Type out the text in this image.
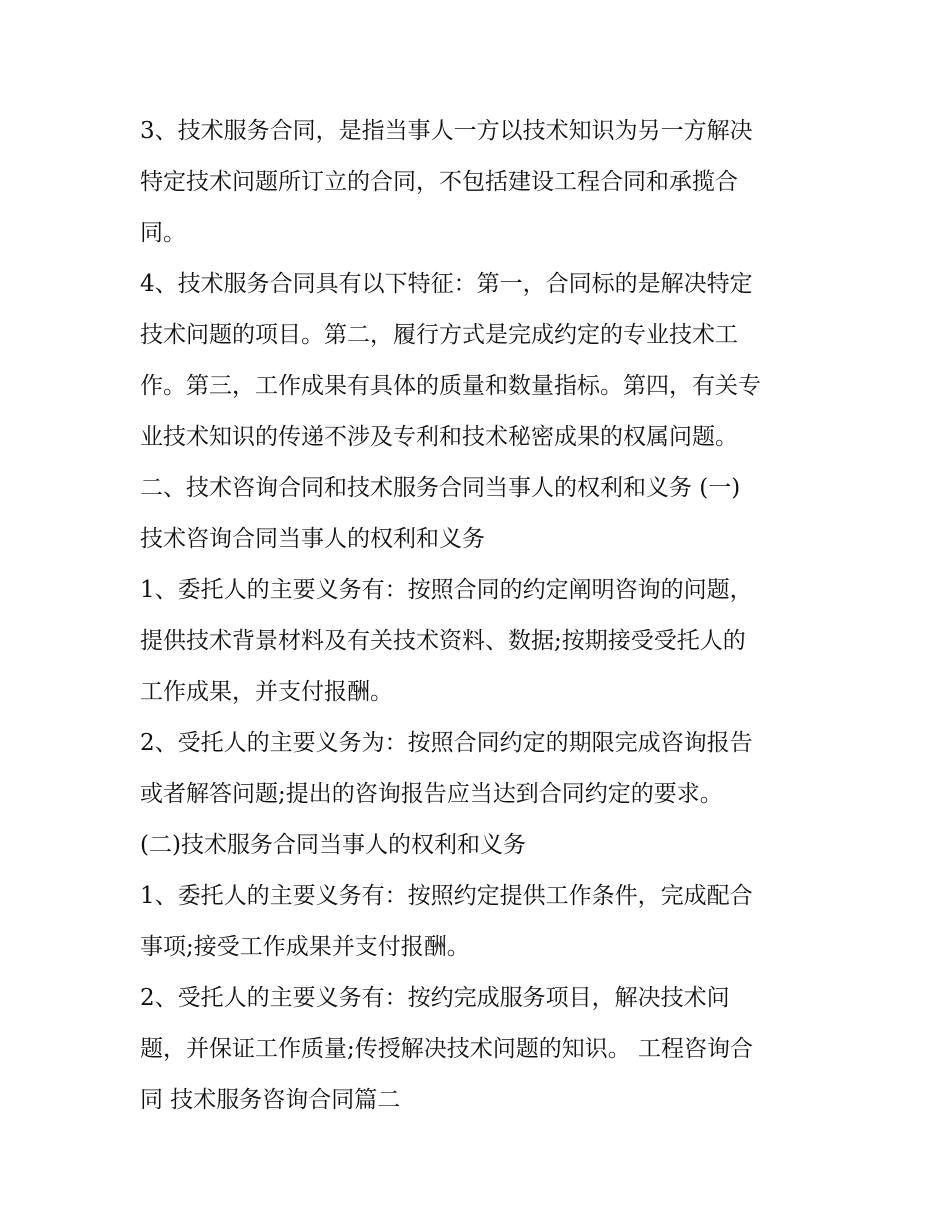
3、技术服务合同，是指当事人一方以技术知识为另一方解决
特定技术问题所订立的合同，不包括建设工程合同和承揽合
同。
4、技术服务合同具有以下特征：第一，合同标的是解决特定
技术问题的项目。第二，履行方式是完成约定的专业技术工
作。第三，工作成果有具体的质量和数量指标。第四，有关专
业技术知识的传递不涉及专利和技术秘密成果的权属问题。
二、技术咨询合同和技术服务合同当事人的权利和义务 (一)
技术咨询合同当事人的权利和义务
1、委托人的主要义务有：按照合同的约定阐明咨询的问题，
提供技术背景材料及有关技术资料、数据;按期接受受托人的
工作成果，并支付报酬。
2、受托人的主要义务为：按照合同约定的期限完成咨询报告
或者解答问题;提出的咨询报告应当达到合同约定的要求。
(二)技术服务合同当事人的权利和义务
1、委托人的主要义务有：按照约定提供工作条件，完成配合
事项;接受工作成果并支付报酬。
2、受托人的主要义务有：按约完成服务项目，解决技术问
题，并保证工作质量;传授解决技术问题的知识。 工程咨询合
同 技术服务咨询合同篇二
